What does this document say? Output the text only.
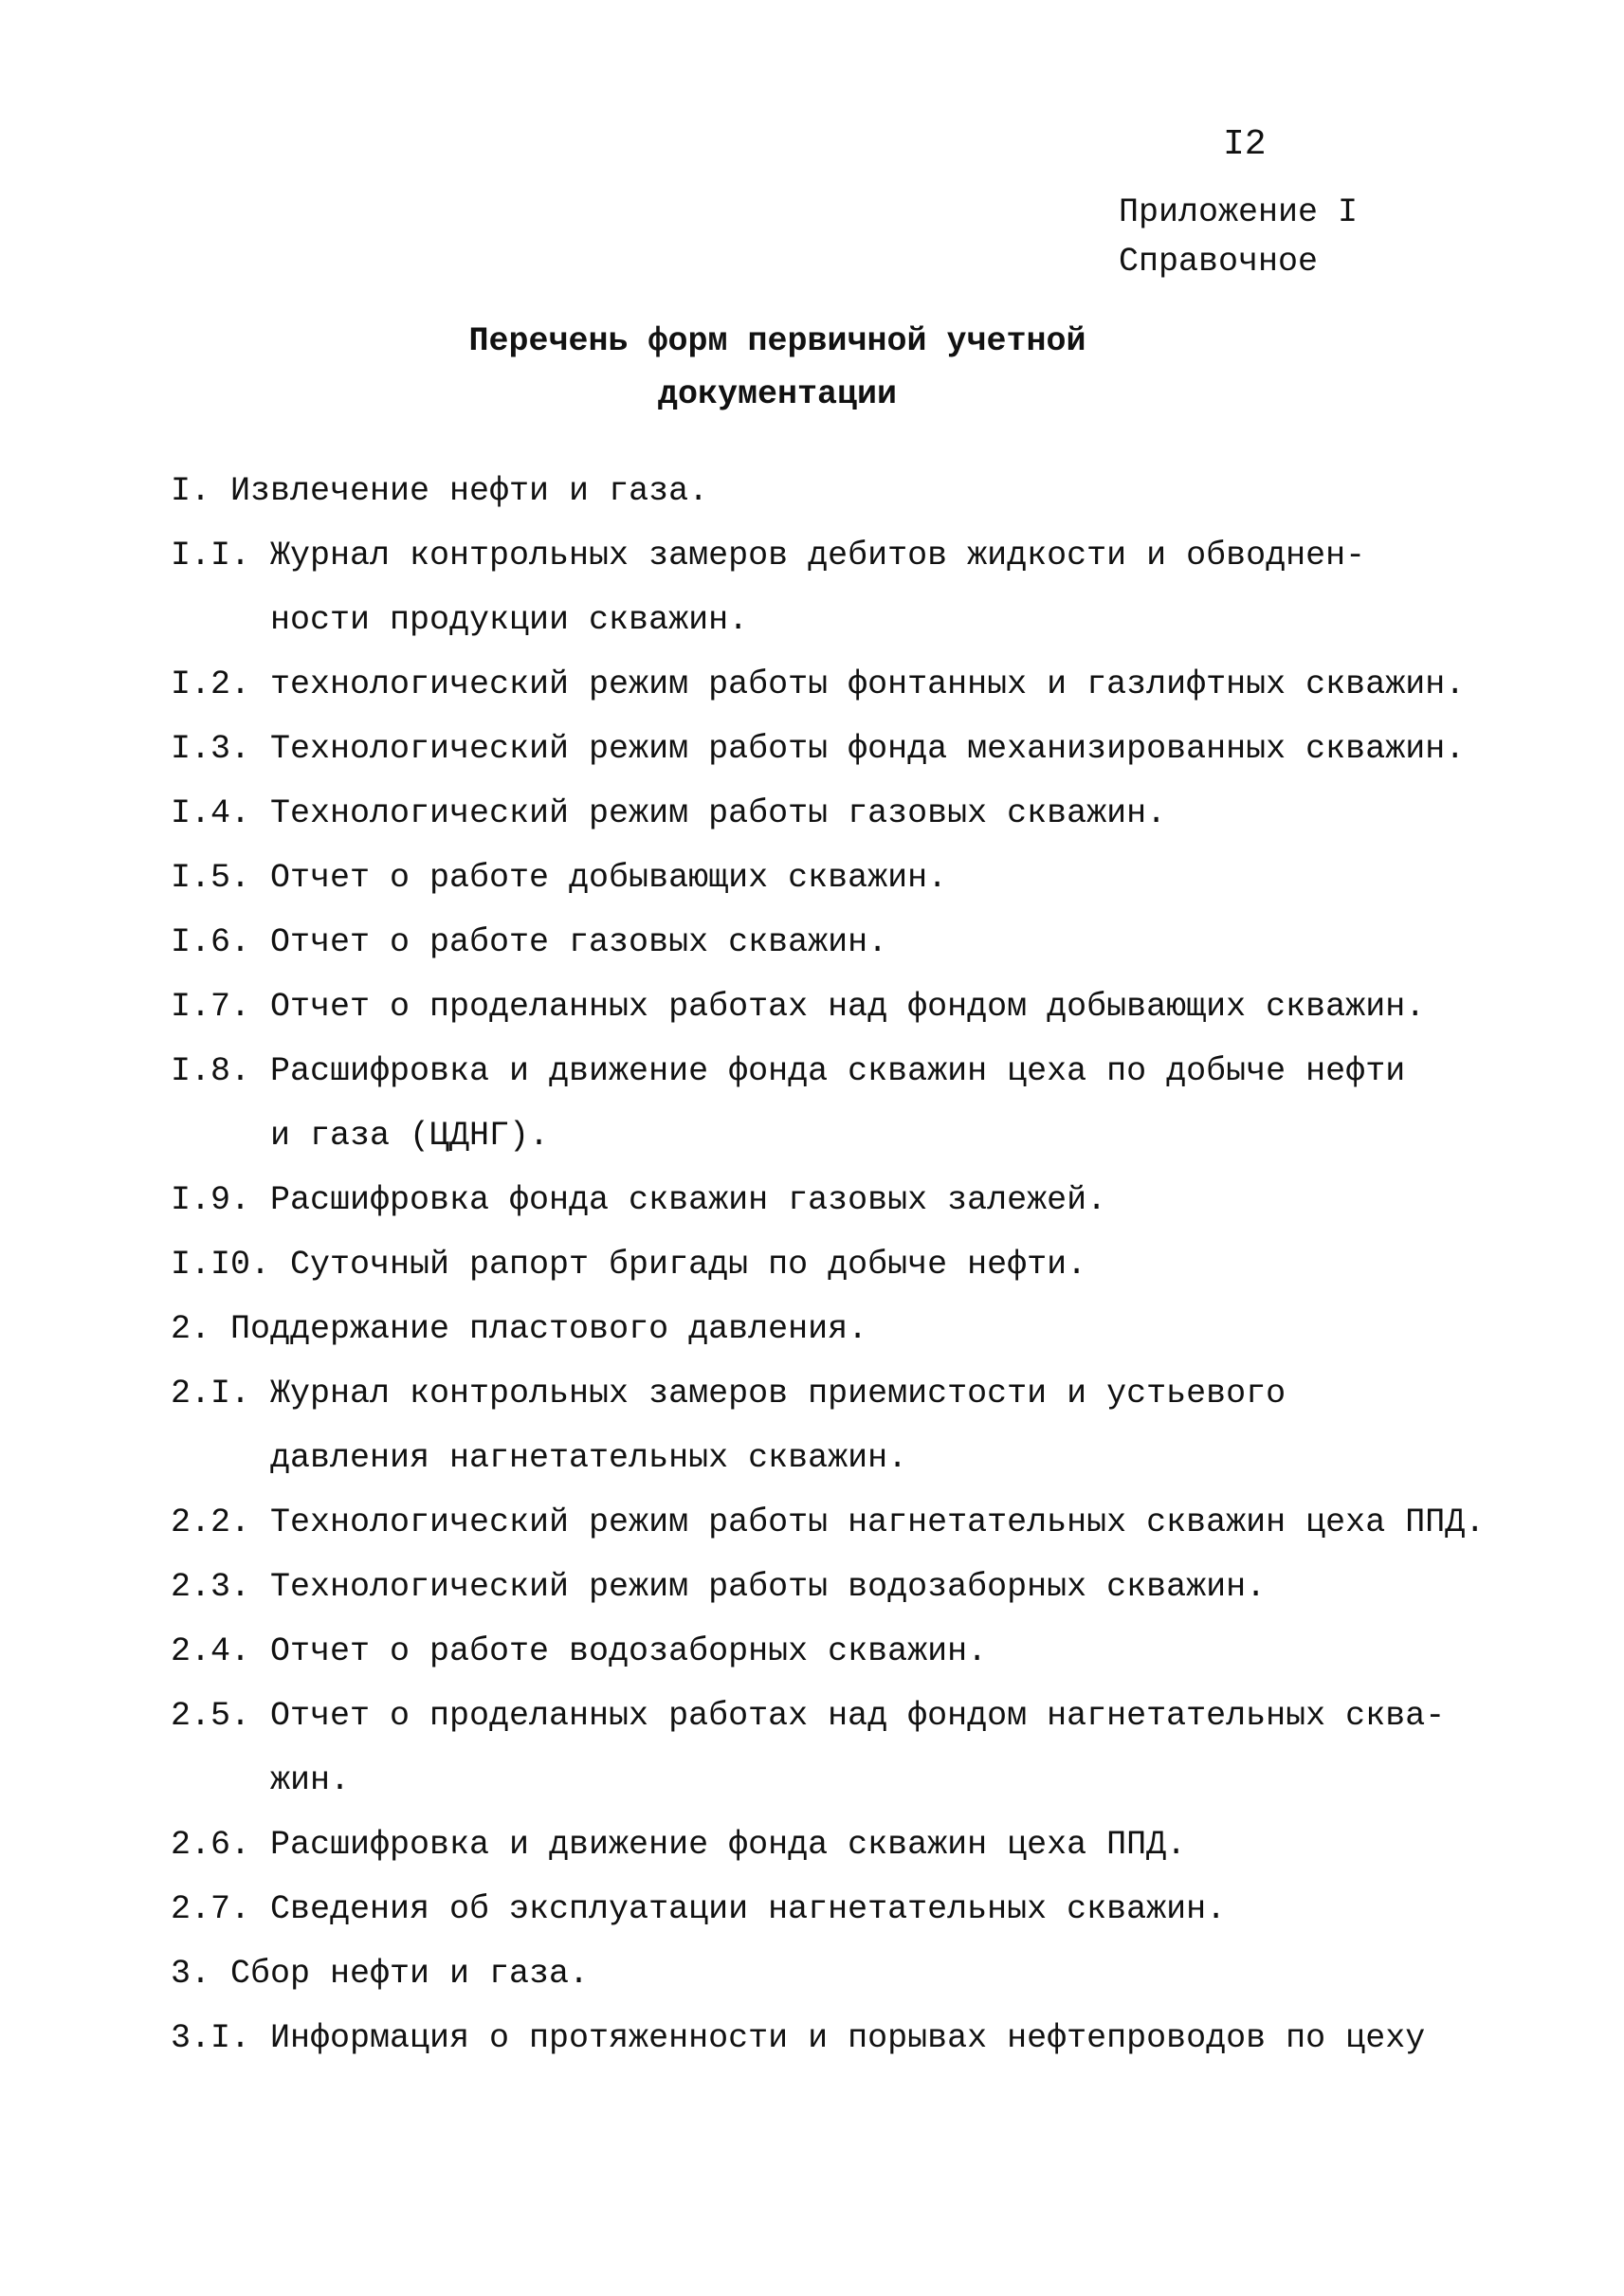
I2
Приложение I
Справочное
Перечень форм первичной учетной
документации
I. Извлечение нефти и газа.
I.I. Журнал контрольных замеров дебитов жидкости и обводнен-
ности продукции скважин.
I.2. технологический режим работы фонтанных и газлифтных скважин.
I.3. Технологический режим работы фонда механизированных скважин.
I.4. Технологический режим работы газовых скважин.
I.5. Отчет о работе добывающих скважин.
I.6. Отчет о работе газовых скважин.
I.7. Отчет о проделанных работах над фондом добывающих скважин.
I.8. Расшифровка и движение фонда скважин цеха по добыче нефти
и газа (ЦДНГ).
I.9. Расшифровка фонда скважин газовых залежей.
I.I0. Суточный рапорт бригады по добыче нефти.
2. Поддержание пластового давления.
2.I. Журнал контрольных замеров приемистости и устьевого
давления нагнетательных скважин.
2.2. Технологический режим работы нагнетательных скважин цеха ППД.
2.3. Технологический режим работы водозаборных скважин.
2.4. Отчет о работе водозаборных скважин.
2.5. Отчет о проделанных работах над фондом нагнетательных сква-
жин.
2.6. Расшифровка и движение фонда скважин цеха ППД.
2.7. Сведения об эксплуатации нагнетательных скважин.
3. Сбор нефти и газа.
3.I. Информация о протяженности и порывах нефтепроводов по цеху
